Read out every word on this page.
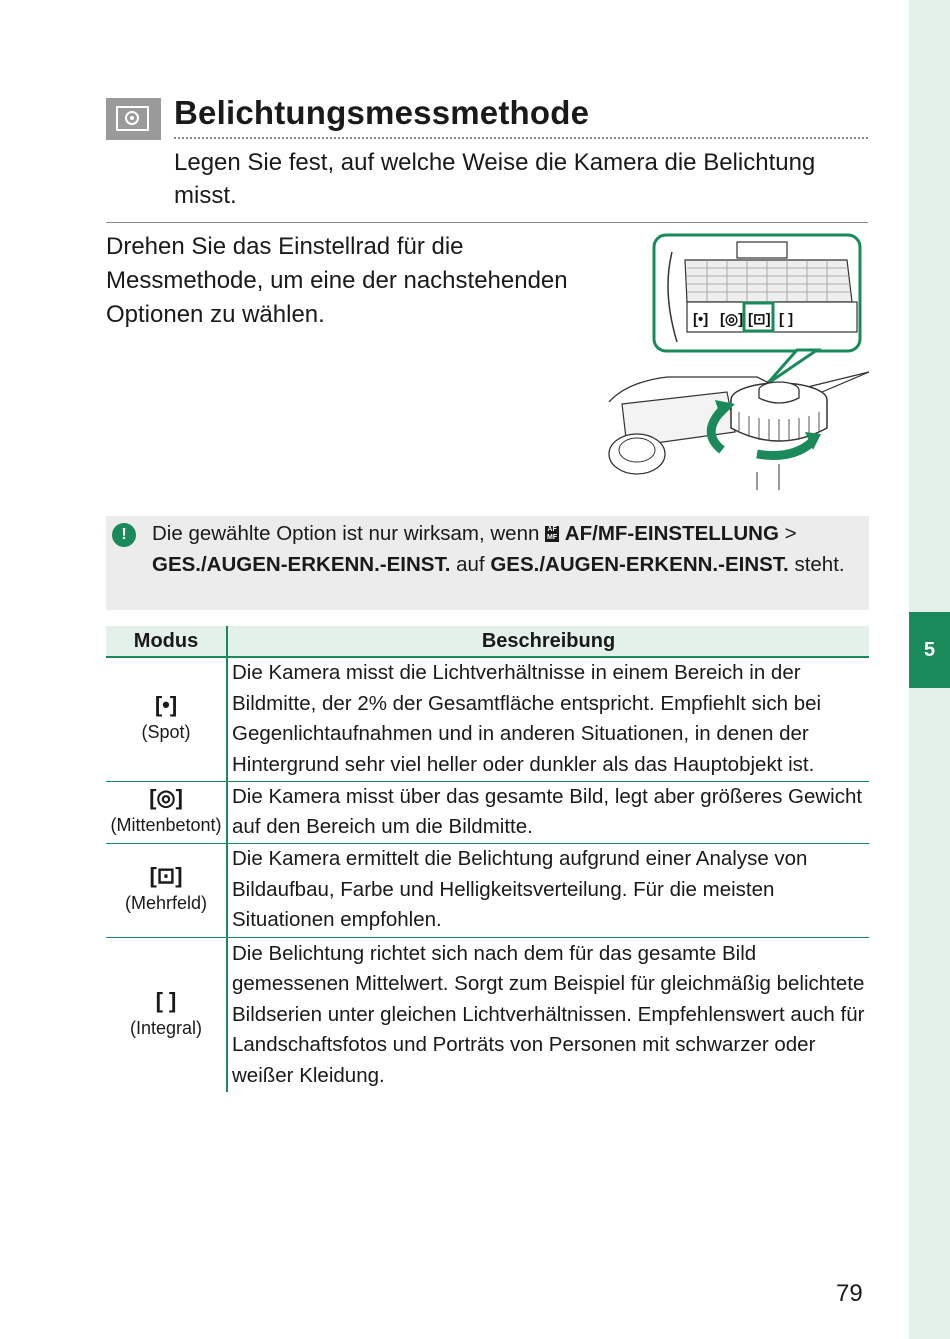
5
Belichtungsmessmethode
Legen Sie fest, auf welche Weise die Kamera die Belichtung misst.
Drehen Sie das Einstellrad für die Messmethode, um eine der nachstehenden Optionen zu wählen.	[•] [◎] [⊡] [ ]
!	Die gewählte Option ist nur wirksam, wenn AF MF AF/MF-EINSTELLUNG > GES./AUGEN-ERKENN.-EINST. auf GES./AUGEN-ERKENN.-EINST. steht.
Modus	Beschreibung

[•]
(Spot)	Die Kamera misst die Lichtverhältnisse in einem Bereich in der Bildmitte, der 2% der Gesamtfläche entspricht. Empfiehlt sich bei Gegenlichtaufnahmen und in anderen Situationen, in denen der Hintergrund sehr viel heller oder dunkler als das Hauptobjekt ist.

[◎]
(Mittenbetont)	Die Kamera misst über das gesamte Bild, legt aber größeres Gewicht auf den Bereich um die Bildmitte.

[⊡]
(Mehrfeld)	Die Kamera ermittelt die Belichtung aufgrund einer Analyse von Bildaufbau, Farbe und Helligkeitsverteilung. Für die meisten Situationen empfohlen.

[ ]
(Integral)	Die Belichtung richtet sich nach dem für das gesamte Bild gemessenen Mittelwert. Sorgt zum Beispiel für gleichmäßig belichtete Bildserien unter gleichen Lichtverhältnissen. Empfehlenswert auch für Landschaftsfotos und Porträts von Personen mit schwarzer oder weißer Kleidung.
79
